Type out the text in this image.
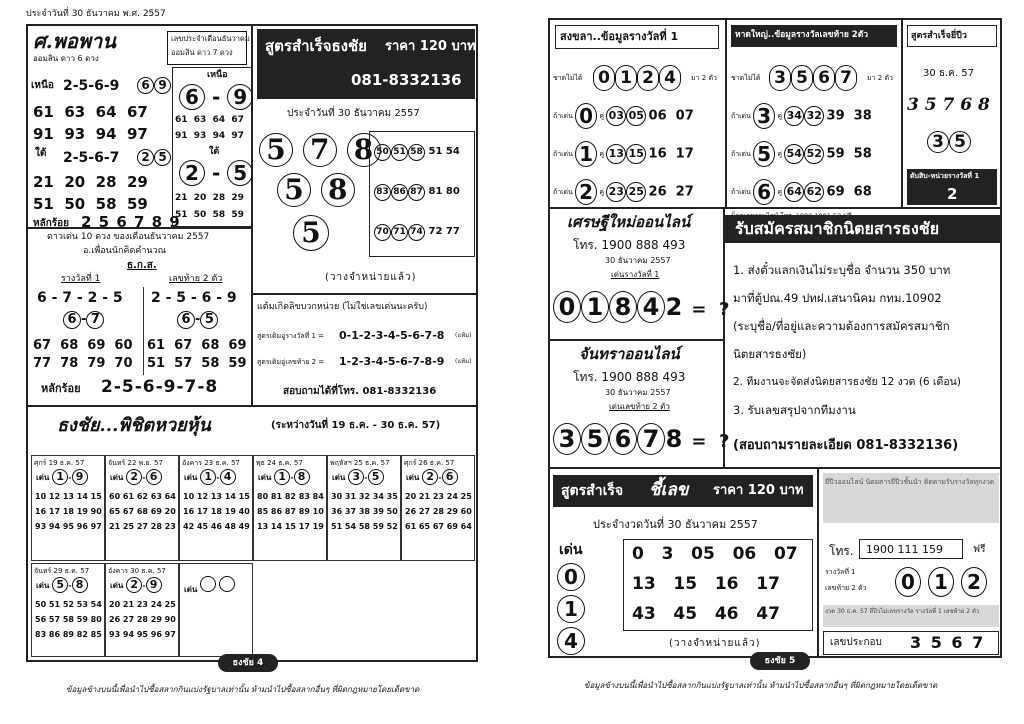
ประจำวันที่ 30 ธันวาคม พ.ศ. 2557
ศ.พอพาน
ออมสิน ดาว 6 ดวง
เลขประจำเดือนธันวาคม
ออมสิน ดาว 7 ดวง
เหนือ 2-5-6-9	6 9
61  63  64  67
91  93  94  97
ใต้ 2-5-6-7	2 5
21  20  28  29
51  50  58  59
หลักร้อย 2 5 6 7 8 9
เหนือ
6 - 9
61  63  64  67
91  93  94  97
ใต้
2 - 5
21  20  28  29
51  50  58  59
สูตรสำเร็จธงชัย ราคา 120 บาท
081-8332136
ประจำวันที่ 30 ธันวาคม 2557
5 7 8
5 8
5
50 51 58 51 54
83 86 87 81 80
70 71 74 72 77
(วางจำหน่ายแล้ว)
ดาวเด่น 10 ดวง ของเดือนธันวาคม 2557
อ.เพื่อนนักคิดคำนวณ
ธ.ก.ส.
รางวัลที่ 1	เลขท้าย 2 ตัว
6 - 7 - 2 - 5 2 - 5 - 6 - 9
6 - 7	6 - 5
67  68  69  60
77  78  79  70
61  67  68  69
51  57  58  59
หลักร้อย 2-5-6-9-7-8
แต้มเกิดลิขบวกหน่วย (ไม่ใช่เลขเด่นนะครับ)
สูตรเดิมอู่รางวัลที่ 1 = 0-1-2-3-4-5-6-7-8 (แท้ม)
สูตรเดิมอู่เลขท้าย 2 = 1-2-3-4-5-6-7-8-9 (แท้ม)
สอบถามได้ที่โทร. 081-8332136
ธงชัย...พิชิตหวยหุ้น	(ระหว่างวันที่ 19 ธ.ค. - 30 ธ.ค. 57)
ศุกร์ 19 ธ.ค. 57
เด่น 1 - 9
10 12 13 14 15
16 17 18 19 90
93 94 95 96 97
จันทร์ 22 พ.ย. 57
เด่น 2 - 6
60 61 62 63 64
65 67 68 69 20
21 25 27 28 23
อังคาร 23 ธ.ค. 57
เด่น 1 - 4
10 12 13 14 15
16 17 18 19 40
42 45 46 48 49
พุธ 24 ธ.ค. 57
เด่น 1 - 8
80 81 82 83 84
85 86 87 89 10
13 14 15 17 19
พฤหัสฯ 25 ธ.ค. 57
เด่น 3 - 5
30 31 32 34 35
36 37 38 39 50
51 54 58 59 52
ศุกร์ 26 ธ.ค. 57
เด่น 2 - 6
20 21 23 24 25
26 27 28 29 60
61 65 67 69 64
จันทร์ 29 ธ.ค. 57
เด่น 5 - 8
50 51 52 53 54
56 57 58 59 80
83 86 89 82 85
อังคาร 30 ธ.ค. 57
เด่น 2 - 9
20 21 23 24 25
26 27 28 29 90
93 94 95 96 97
เด่น
ธงชัย 4
ข้อมูลข้างบนนี้เพื่อนำไปซื้อสลากกินแบ่งรัฐบาลเท่านั้น ห้ามนำไปซื้อสลากอื่นๆ ที่ผิดกฎหมายโดยเด็ดขาด
สงขลา..ข้อมูลรางวัลที่ 1
ชาดไม่ได้ 0 1 2 4	มา 2 ตัว
ถ้าเด่น 0 คู่ 03 05 06  07
ถ้าเด่น 1 คู่ 13 15 16  17
ถ้าเด่น 2 คู่ 23 25 26  27
หาดใหญ่..ข้อมูลรางวัลเลขท้าย 2ตัว
ชาดไม่ได้ 3 5 6 7	มา 2 ตัว
ถ้าเด่น 3 คู่ 34 32 39  38
ถ้าเด่น 5 คู่ 54 52 59  58
ถ้าเด่น 6 คู่ 64 62 69  68
สูตรสำเร็จยี่ปีว
30 ธ.ค. 57
3 5 7 6 8
3 5
ดับสิบ-หน่วยรางวัลที่ 1
2
เศรษฐีใหม่ออนไลน์
โทร. 1900 888 493
30 ธันวาคม 2557
เด่นรางวัลที่ 1
0 1 8 4 2 =  ?
จันทราออนไลน์
โทร. 1900 888 493
30 ธันวาคม 2557
เด่นเลขท้าย 2 ตัว
3 5 6 7 8 =  ?
รับสมัครสมาชิกนิตยสารธงชัย
1. ส่งตั๋วแลกเงินไม่ระบุชื่อ จำนวน 350 บาท
มาที่ตู้ปณ.49 ปทฝ.เสนานิคม กทม.10902
(ระบุชื่อ/ที่อยู่และความต้องการสมัครสมาชิก
นิตยสารธงชัย)
2. ทีมงานจะจัดส่งนิตยสารธงชัย 12 งวด (6 เดือน)
3. รับเลขสรุปจากทีมงาน
(สอบถามรายละเอียด 081-8332136)
สูตรสำเร็จ ชี้เลข ราคา 120 บาท
ประจำงวดวันที่ 30 ธันวาคม 2557
เด่น
0
1
4
0   3   05   06   07
13   15   16   17
43   45   46   47
(วางจำหน่ายแล้ว)
ยี่ปีวออนไลน์ นิตยสารยี่ปีวชั้นนำ ติดตามรับรางวัลทุกงวด
โทร. 1900 111 159	ฟรี
รางวัลที่ 1
เลขท้าย 2 ตัว	0 1 2
งวด 30 ธ.ค. 57 ยี่ปีวไม่เลขรางวัล รางวัลที่ 1 เลขท้าย 2 ตัว
เลขประกอบ 3 5 6 7
ธงชัย 5
ข้อมูลข้างบนนี้เพื่อนำไปซื้อสลากกินแบ่งรัฐบาลเท่านั้น ห้ามนำไปซื้อสลากอื่นๆ ที่ผิดกฎหมายโดยเด็ดขาด
